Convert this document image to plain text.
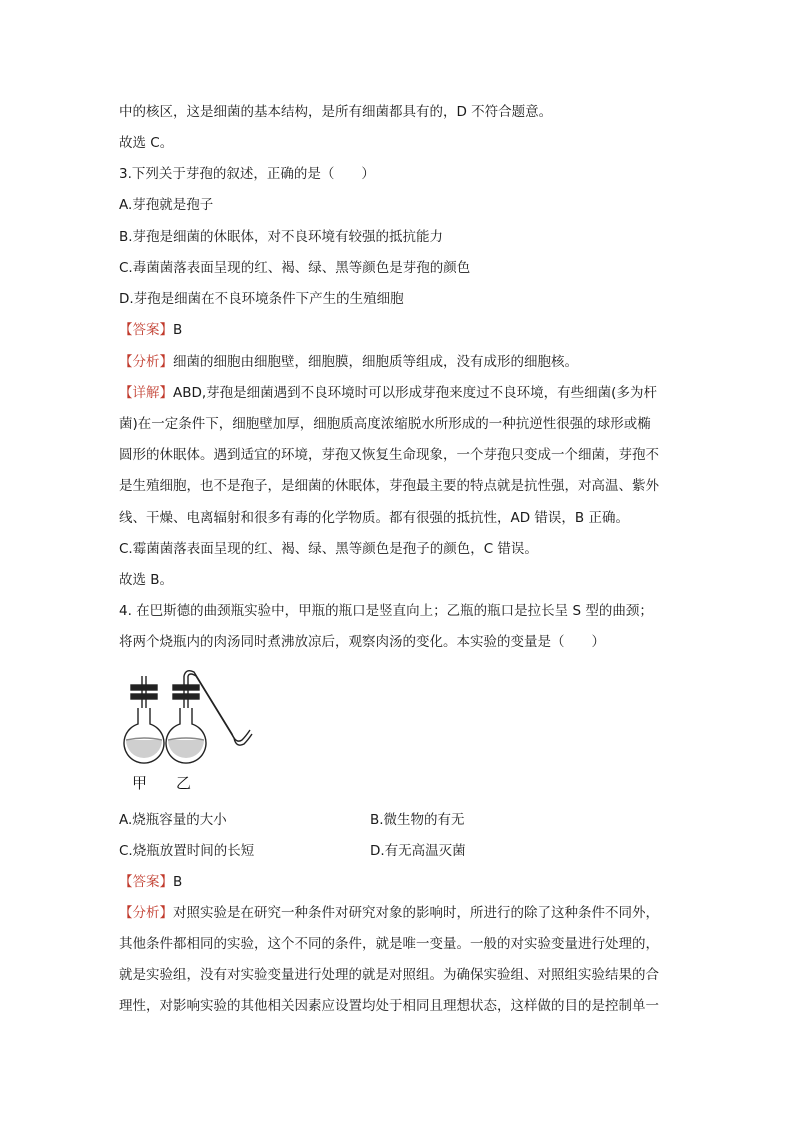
中的核区，这是细菌的基本结构，是所有细菌都具有的，D 不符合题意。
故选 C。
3.下列关于芽孢的叙述，正确的是（　　）
A.芽孢就是孢子
B.芽孢是细菌的休眠体，对不良环境有较强的抵抗能力
C.毒菌菌落表面呈现的红、褐、绿、黑等颜色是芽孢的颜色
D.芽孢是细菌在不良环境条件下产生的生殖细胞
【答案】B
【分析】细菌的细胞由细胞壁，细胞膜，细胞质等组成，没有成形的细胞核。
【详解】ABD,芽孢是细菌遇到不良环境时可以形成芽孢来度过不良环境，有些细菌(多为杆
菌)在一定条件下，细胞壁加厚，细胞质高度浓缩脱水所形成的一种抗逆性很强的球形或椭
圆形的休眠体。遇到适宜的环境，芽孢又恢复生命现象，一个芽孢只变成一个细菌，芽孢不
是生殖细胞，也不是孢子，是细菌的休眠体，芽孢最主要的特点就是抗性强，对高温、紫外
线、干燥、电离辐射和很多有毒的化学物质。都有很强的抵抗性，AD 错误，B 正确。
C.霉菌菌落表面呈现的红、褐、绿、黑等颜色是孢子的颜色，C 错误。
故选 B。
4. 在巴斯德的曲颈瓶实验中，甲瓶的瓶口是竖直向上；乙瓶的瓶口是拉长呈 S 型的曲颈；
将两个烧瓶内的肉汤同时煮沸放凉后，观察肉汤的变化。本实验的变量是（　　）
甲 乙
A.烧瓶容量的大小	B.微生物的有无
C.烧瓶放置时间的长短	D.有无高温灭菌
【答案】B
【分析】对照实验是在研究一种条件对研究对象的影响时，所进行的除了这种条件不同外，
其他条件都相同的实验，这个不同的条件，就是唯一变量。一般的对实验变量进行处理的，
就是实验组，没有对实验变量进行处理的就是对照组。为确保实验组、对照组实验结果的合
理性，对影响实验的其他相关因素应设置均处于相同且理想状态，这样做的目的是控制单一
